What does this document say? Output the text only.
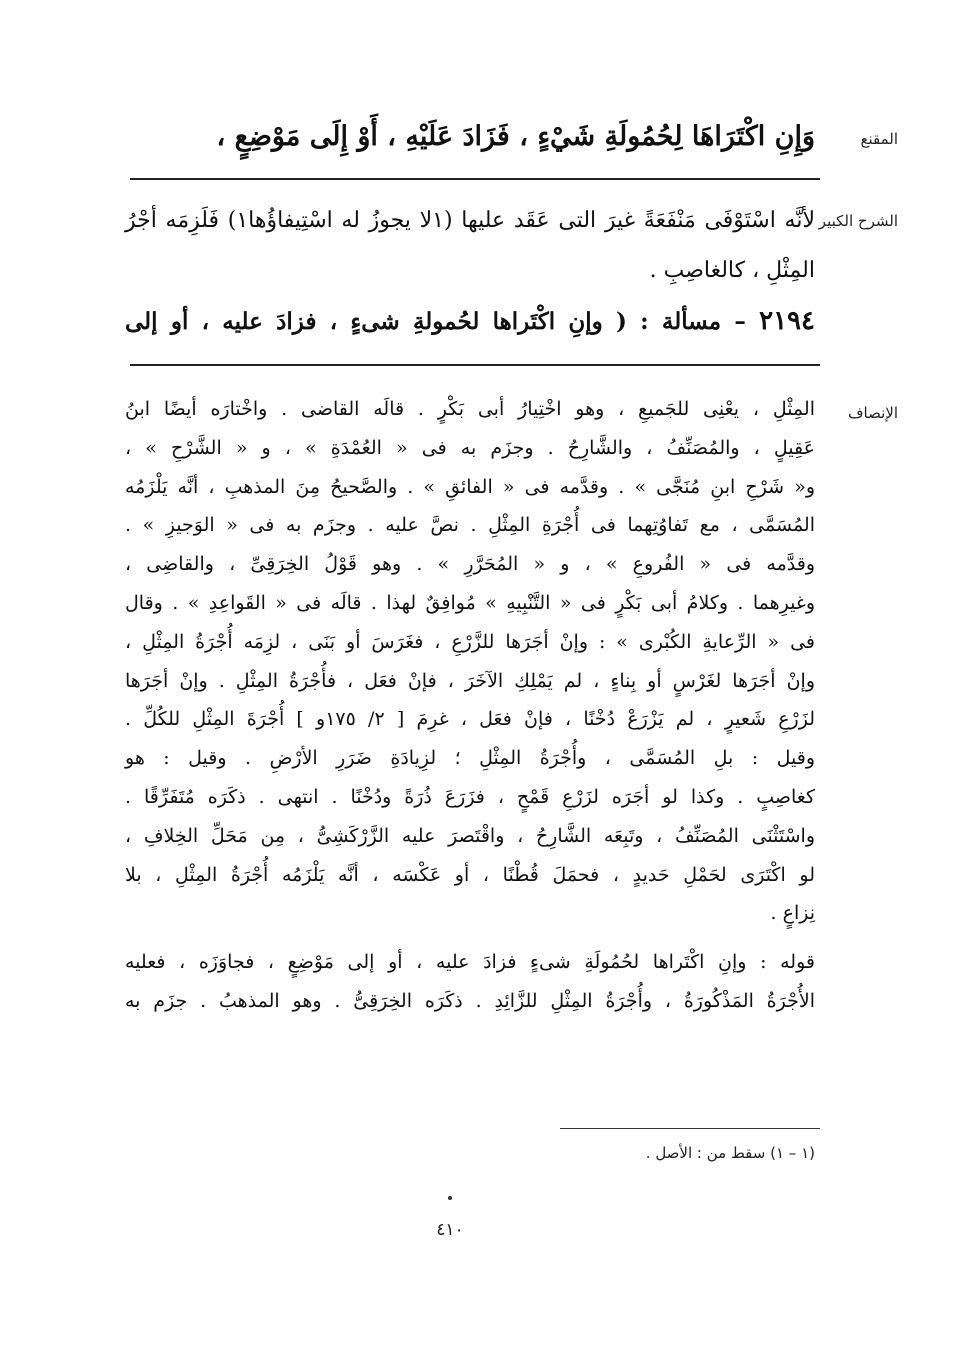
المقنع
وَإِنِ اكْتَرَاهَا لِحُمُولَةِ شَيْءٍ ، فَزَادَ عَلَيْهِ ، أَوْ إِلَى مَوْضِعٍ ،
الشرح الكبير
لأنَّه اسْتَوْفَى مَنْفَعَةً غيرَ التى عَقَد عليها (١لا يجوزُ له اسْتِيفاؤُها١) فَلَزِمَه أجْرُ
المِثْلِ ، كالغاصِبِ .
٢١٩٤ – مسألة : ( وإنِ اكْتَراها لحُمولةِ شىءٍ ، فزادَ عليه ، أو إلى
الإنصاف
المِثْلِ ، يعْنِى للجَميعِ ، وهو اخْتِيارُ أبى بَكْرٍ . قالَه القاضى . واخْتارَه أيضًا ابنُ
عَقِيلٍ ، والمُصَنِّفُ ، والشَّارِحُ . وجزَم به فى « العُمْدَةِ » ، و « الشَّرْحِ » ،
و« شَرْحِ ابنِ مُنَجَّى » . وقدَّمه فى « الفائقِ » . والصَّحيحُ مِنَ المذهبِ ، أنَّه يَلْزَمُه
المُسَمَّى ، مع تَفاوُتِهما فى أُجْرَةِ المِثْلِ . نصَّ عليه . وجزَم به فى « الوَجيزِ » .
وقدَّمه فى « الفُروعِ » ، و « المُحَرَّرِ » . وهو قَوْلُ الخِرَقِىِّ ، والقاضِى ،
وغيرِهما . وكلامُ أبى بَكْرٍ فى « التَّنْبِيهِ » مُوافِقٌ لهذا . قالَه فى « القَواعِدِ » . وقال
فى « الرِّعايةِ الكُبْرى » : وإنْ أجَرَها للزَّرْعِ ، فغَرَسَ أو بَنَى ، لزِمَه أُجْرَةُ المِثْلِ ،
وإنْ أجَرَها لغَرْسٍ أو بِناءٍ ، لم يَمْلِكِ الآخَرَ ، فإنْ فعَل ، فأُجْرَةُ المِثْلِ . وإنْ أجَرَها
لزَرْعِ شَعيرٍ ، لم يَزْرَعْ دُخْنًا ، فإنْ فعَل ، غرِمَ [ ٢/ ١٧٥و ] أُجْرَةَ المِثْلِ للكُلِّ .
وقيل : بلِ المُسَمَّى ، وأُجْرَةُ المِثْلِ ؛ لزِيادَةِ ضَرَرِ الأرْضِ . وقيل : هو
كغاصِبٍ . وكذا لو أجَرَه لزَرْعِ قَمْحٍ ، فزَرَعَ ذُرَةً ودُخْنًا . انتهى . ذكَرَه مُتَفَرِّقًا .
واسْتَثْنَى المُصَنِّفُ ، وتَبِعَه الشَّارِحُ ، واقْتَصرَ عليه الزَّرْكَشِىُّ ، مِن مَحَلِّ الخِلافِ ،
لو اكْتَرَى لحَمْلِ حَديدٍ ، فحمَلَ قُطْنًا ، أو عَكْسَه ، أنَّه يَلْزَمُه أُجْرَةُ المِثْلِ ، بلا
نِزاعٍ .
قوله : وإنِ اكْتَراها لحُمُولَةِ شىءٍ فزادَ عليه ، أو إلى مَوْضِعٍ ، فجاوَزَه ، فعليه
الأُجْرَةُ المَذْكُورَةُ ، وأُجْرَةُ المِثْلِ للزَّائِدِ . ذكَرَه الخِرَقِىُّ . وهو المذهبُ . جزَم به
(١ – ١) سقط من : الأصل .
٤١٠
